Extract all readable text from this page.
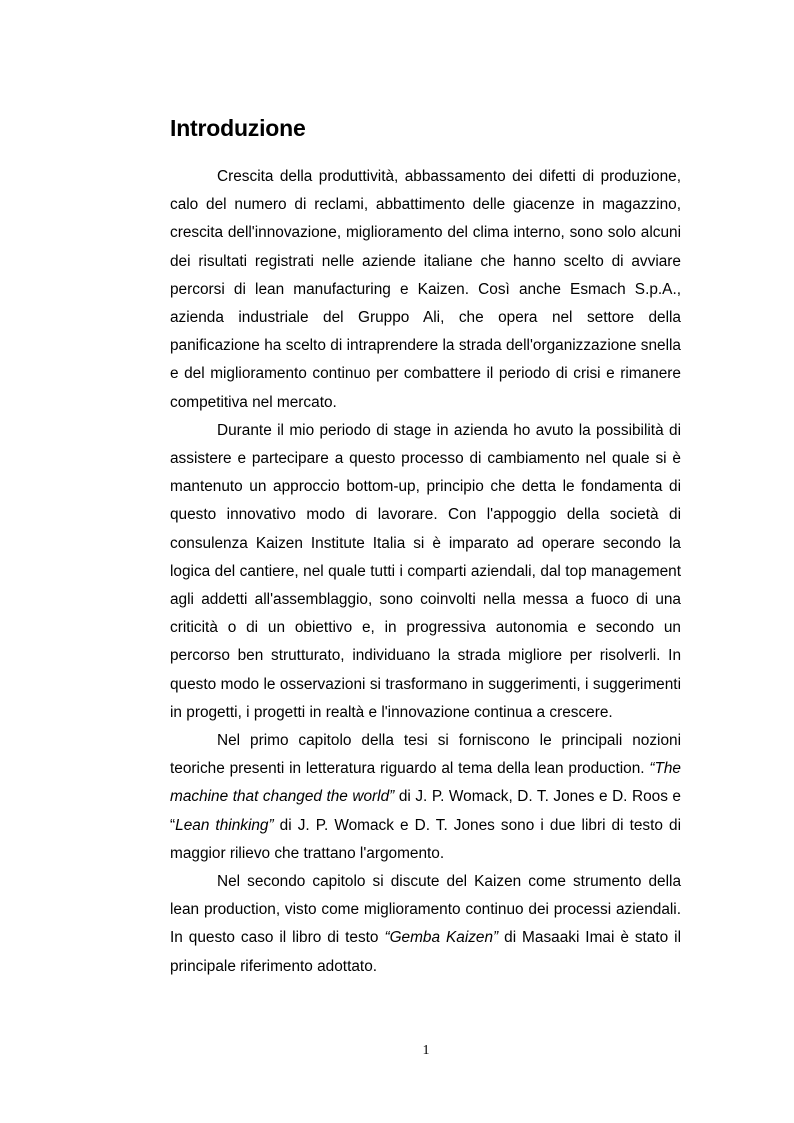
Introduzione

Crescita della produttività, abbassamento dei difetti di produzione, calo del numero di reclami, abbattimento delle giacenze in magazzino, crescita dell'innovazione, miglioramento del clima interno, sono solo alcuni dei risultati registrati nelle aziende italiane che hanno scelto di avviare percorsi di lean manufacturing e Kaizen. Così anche Esmach S.p.A., azienda industriale del Gruppo Ali, che opera nel settore della panificazione ha scelto di intraprendere la strada dell'organizzazione snella e del miglioramento continuo per combattere il periodo di crisi e rimanere competitiva nel mercato.

Durante il mio periodo di stage in azienda ho avuto la possibilità di assistere e partecipare a questo processo di cambiamento nel quale si è mantenuto un approccio bottom-up, principio che detta le fondamenta di questo innovativo modo di lavorare. Con l'appoggio della società di consulenza Kaizen Institute Italia si è imparato ad operare secondo la logica del cantiere, nel quale tutti i comparti aziendali, dal top management agli addetti all'assemblaggio, sono coinvolti nella messa a fuoco di una criticità o di un obiettivo e, in progressiva autonomia e secondo un percorso ben strutturato, individuano la strada migliore per risolverli. In questo modo le osservazioni si trasformano in suggerimenti, i suggerimenti in progetti, i progetti in realtà e l'innovazione continua a crescere.

Nel primo capitolo della tesi si forniscono le principali nozioni teoriche presenti in letteratura riguardo al tema della lean production. “The machine that changed the world” di J. P. Womack, D. T. Jones e D. Roos e “Lean thinking” di J. P. Womack e D. T. Jones sono i due libri di testo di maggior rilievo che trattano l'argomento.

Nel secondo capitolo si discute del Kaizen come strumento della lean production, visto come miglioramento continuo dei processi aziendali. In questo caso il libro di testo “Gemba Kaizen” di Masaaki Imai è stato il principale riferimento adottato.

1
